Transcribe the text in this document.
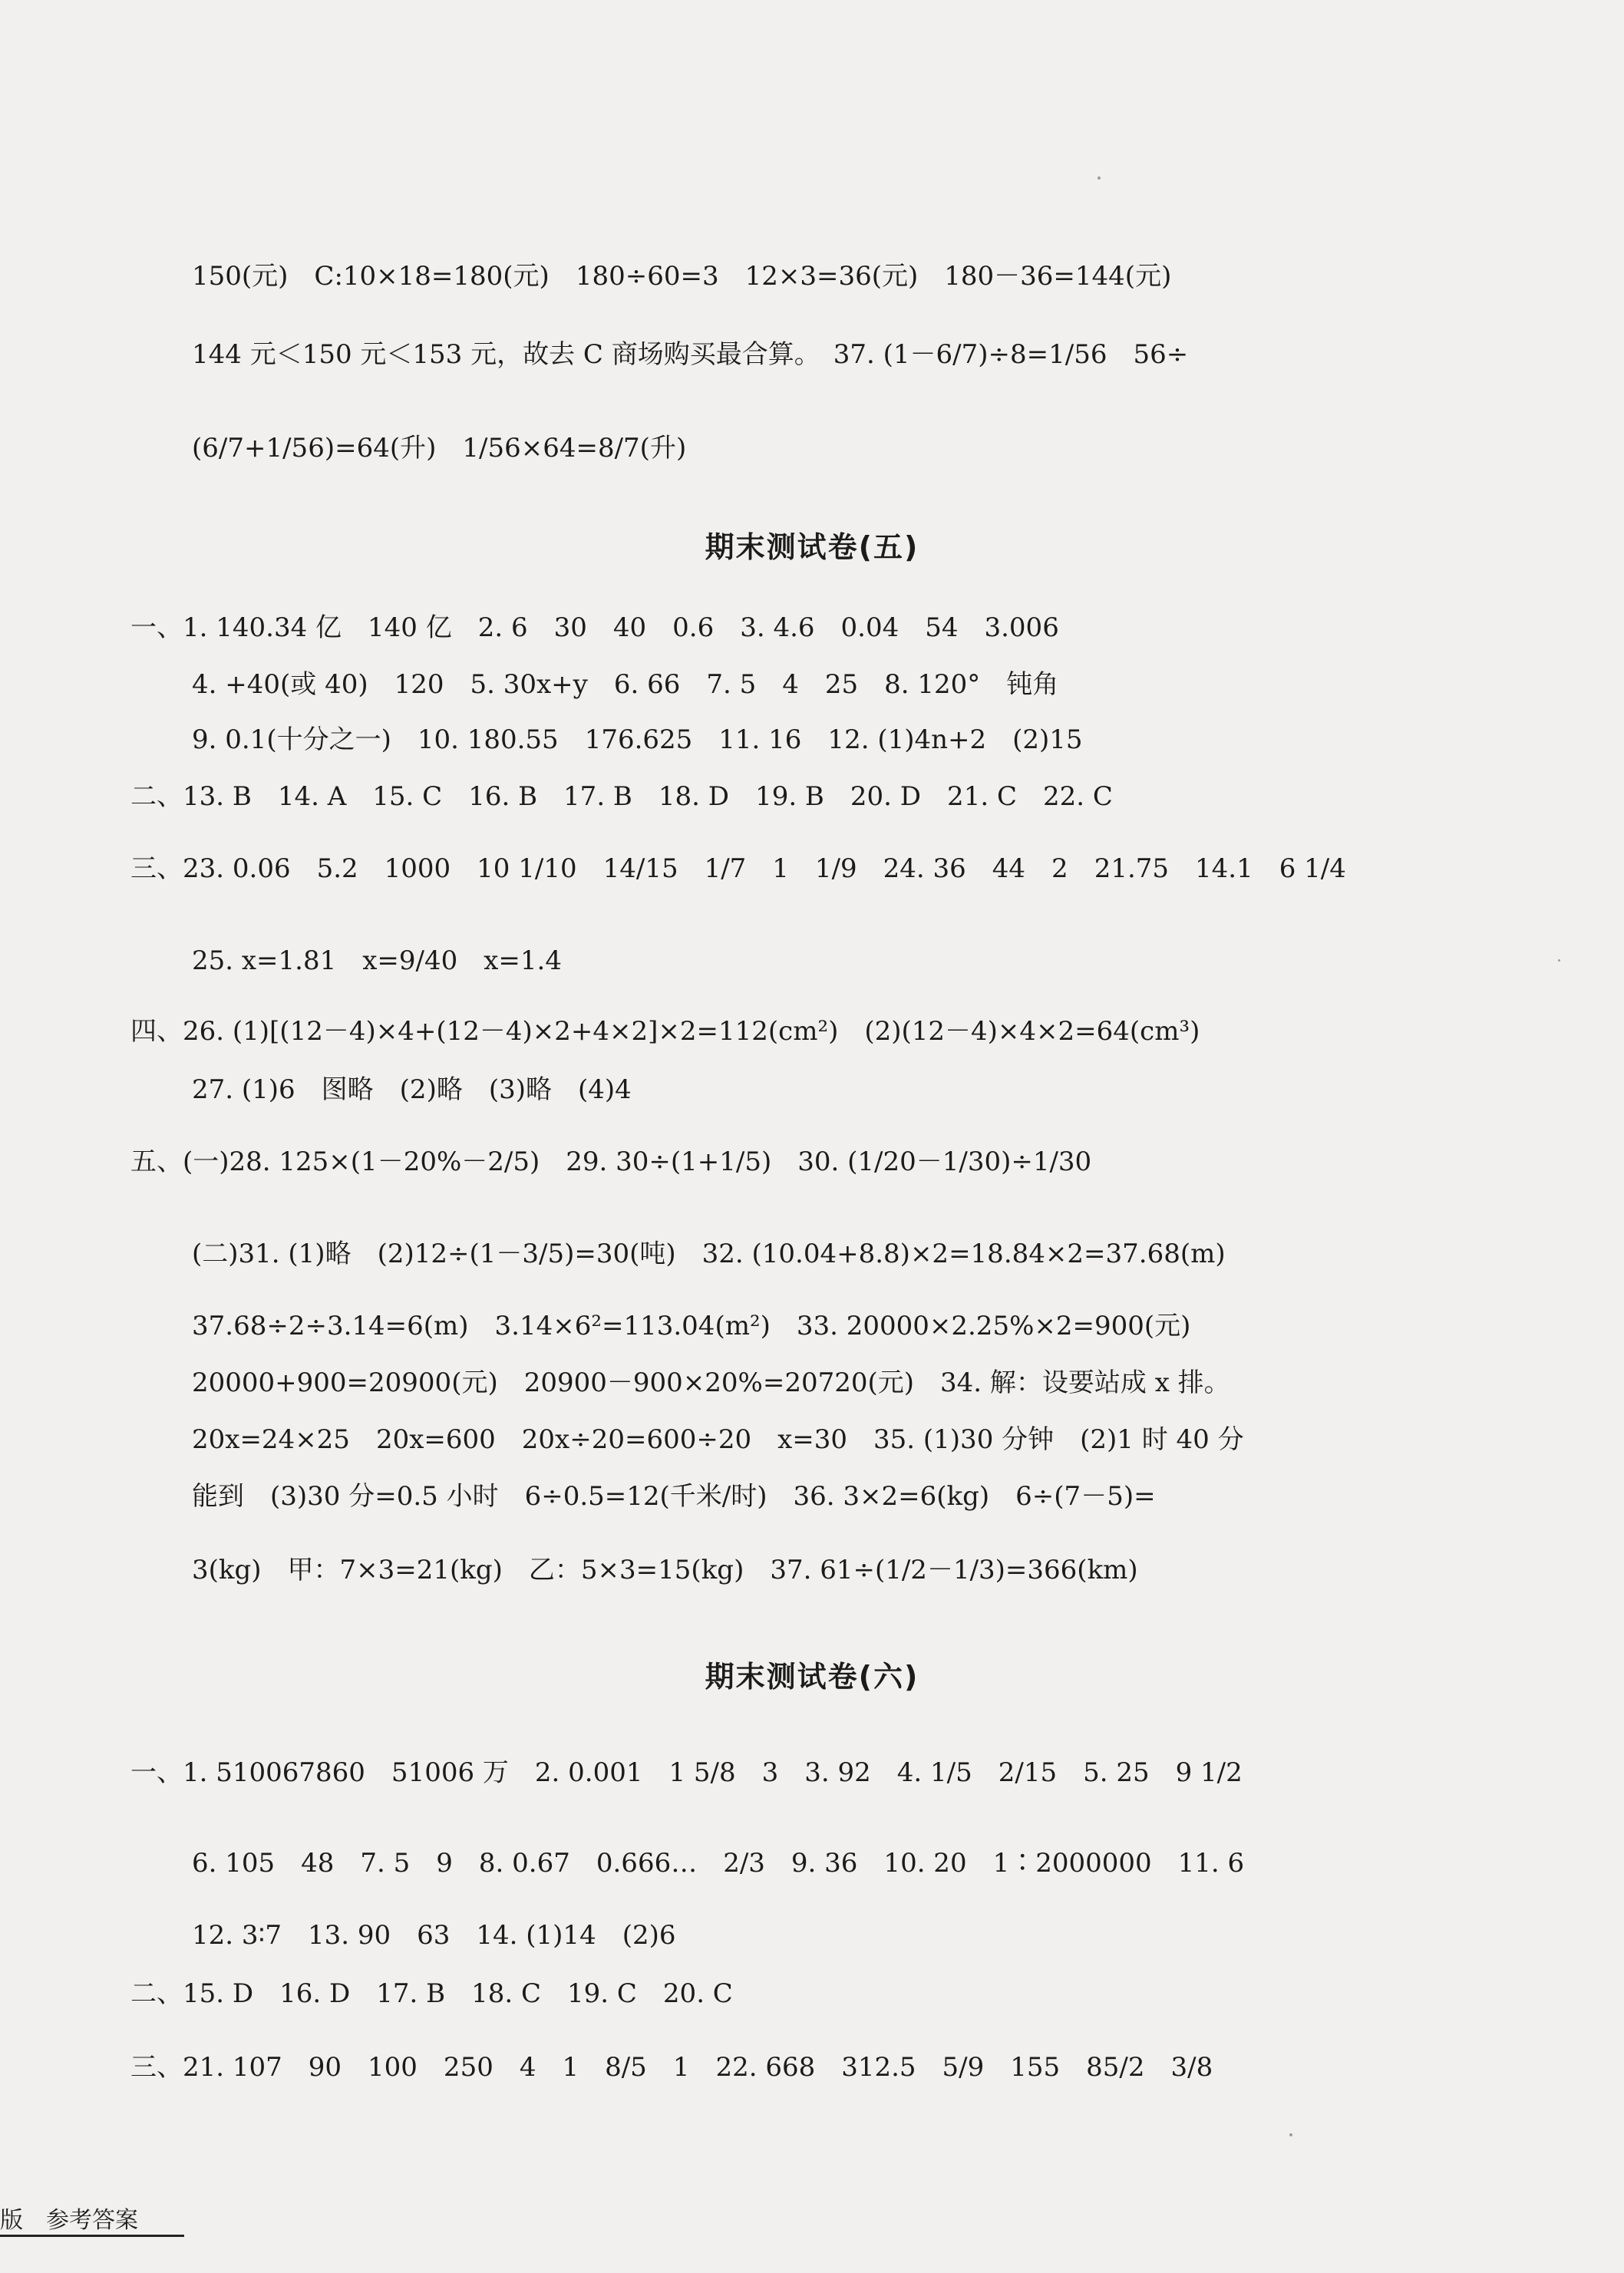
150(元)　C:10×18=180(元)　180÷60=3　12×3=36(元)　180－36=144(元)
144 元＜150 元＜153 元，故去 C 商场购买最合算。　37. (1－6/7)÷8=1/56　56÷
(6/7+1/56)=64(升)　1/56×64=8/7(升)
期末测试卷(五)
一、1. 140.34 亿　140 亿　2. 6　30　40　0.6　3. 4.6　0.04　54　3.006
4. +40(或 40)　120　5. 30x+y　6. 66　7. 5　4　25　8. 120°　钝角
9. 0.1(十分之一)　10. 180.55　176.625　11. 16　12. (1)4n+2　(2)15
二、13. B　14. A　15. C　16. B　17. B　18. D　19. B　20. D　21. C　22. C
三、23. 0.06　5.2　1000　10 1/10　14/15　1/7　1　1/9　24. 36　44　2　21.75　14.1　6 1/4
25. x=1.81　x=9/40　x=1.4
四、26. (1)[(12－4)×4+(12－4)×2+4×2]×2=112(cm²)　(2)(12－4)×4×2=64(cm³)
27. (1)6　图略　(2)略　(3)略　(4)4
五、(一)28. 125×(1－20%－2/5)　29. 30÷(1+1/5)　30. (1/20－1/30)÷1/30
(二)31. (1)略　(2)12÷(1－3/5)=30(吨)　32. (10.04+8.8)×2=18.84×2=37.68(m)
37.68÷2÷3.14=6(m)　3.14×6²=113.04(m²)　33. 20000×2.25%×2=900(元)
20000+900=20900(元)　20900－900×20%=20720(元)　34. 解：设要站成 x 排。
20x=24×25　20x=600　20x÷20=600÷20　x=30　35. (1)30 分钟　(2)1 时 40 分
能到　(3)30 分=0.5 小时　6÷0.5=12(千米/时)　36. 3×2=6(kg)　6÷(7－5)=
3(kg)　甲：7×3=21(kg)　乙：5×3=15(kg)　37. 61÷(1/2－1/3)=366(km)
期末测试卷(六)
一、1. 510067860　51006 万　2. 0.001　1 5/8　3　3. 92　4. 1/5　2/15　5. 25　9 1/2
6. 105　48　7. 5　9　8. 0.67　0.666…　2/3　9. 36　10. 20　1∶2000000　11. 6
12. 3∶7　13. 90　63　14. (1)14　(2)6
二、15. D　16. D　17. B　18. C　19. C　20. C
三、21. 107　90　100　250　4　1　8/5　1　22. 668　312.5　5/9　155　85/2　3/8
版　参考答案
